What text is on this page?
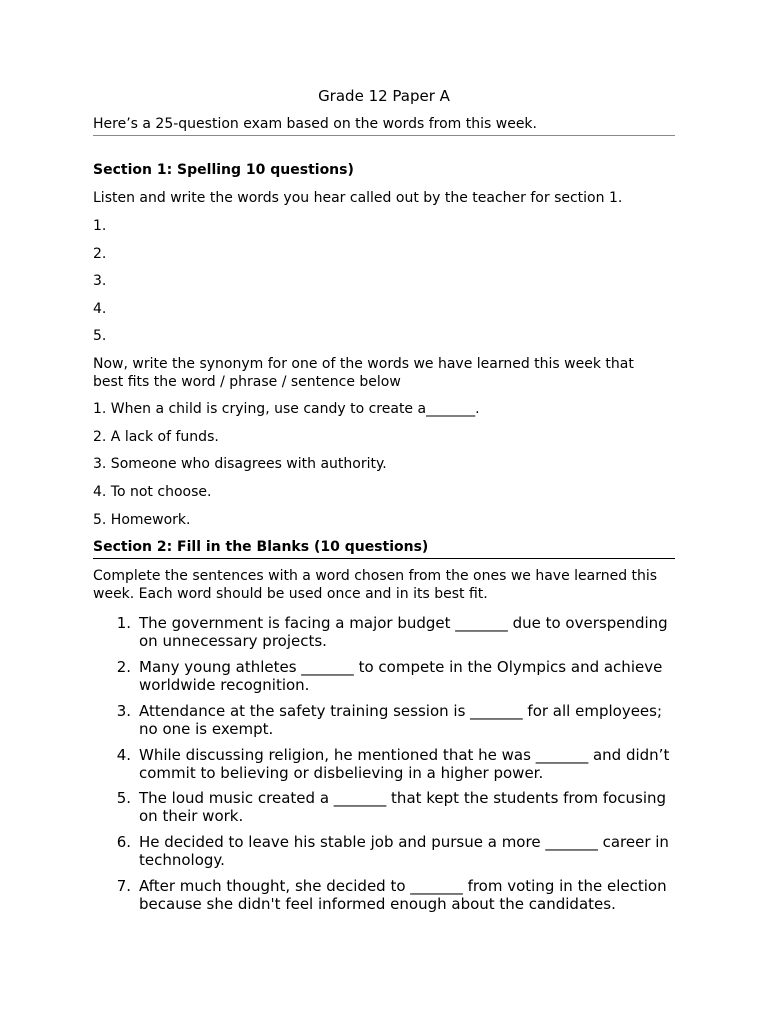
Grade 12 Paper A
Here’s a 25-question exam based on the words from this week.
Section 1: Spelling 10 questions)
Listen and write the words you hear called out by the teacher for section 1.
1.
2.
3.
4.
5.
Now, write the synonym for one of the words we have learned this week that best fits the word / phrase / sentence below
1. When a child is crying, use candy to create a_______.
2. A lack of funds.
3. Someone who disagrees with authority.
4. To not choose.
5. Homework.
Section 2: Fill in the Blanks (10 questions)
Complete the sentences with a word chosen from the ones we have learned this week. Each word should be used once and in its best fit.
1. The government is facing a major budget _______ due to overspending on unnecessary projects.
2. Many young athletes _______ to compete in the Olympics and achieve worldwide recognition.
3. Attendance at the safety training session is _______ for all employees; no one is exempt.
4. While discussing religion, he mentioned that he was _______ and didn’t commit to believing or disbelieving in a higher power.
5. The loud music created a _______ that kept the students from focusing on their work.
6. He decided to leave his stable job and pursue a more _______ career in technology.
7. After much thought, she decided to _______ from voting in the election because she didn't feel informed enough about the candidates.
